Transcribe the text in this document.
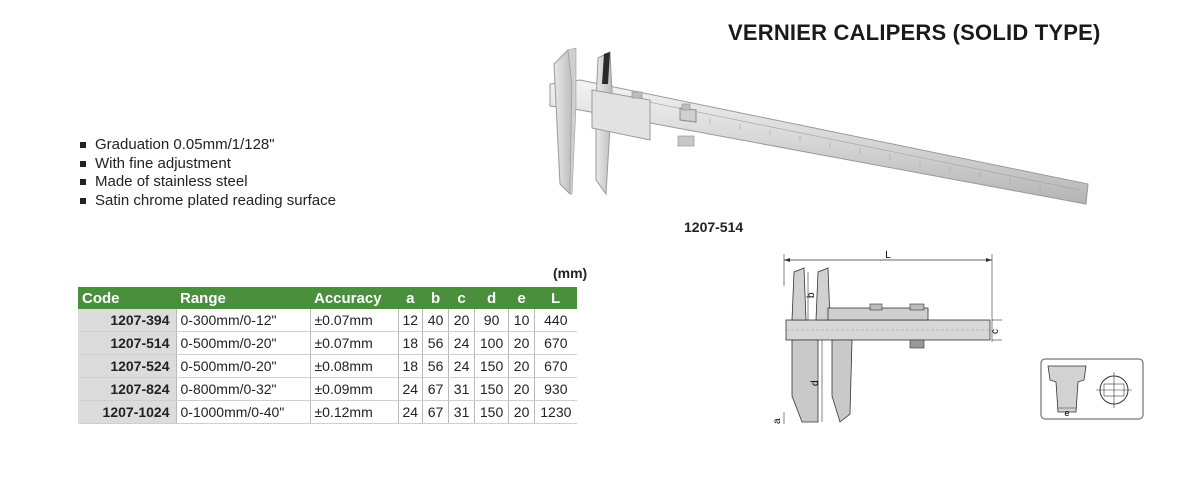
VERNIER CALIPERS (SOLID TYPE)
Graduation 0.05mm/1/128"
With fine adjustment
Made of stainless steel
Satin chrome plated reading surface
1207-514
(mm)
Code	Range	Accuracy	a	b	c	d	e	L
1207-394	0-300mm/0-12"	±0.07mm	12	40	20	90	10	440
1207-514	0-500mm/0-20"	±0.07mm	18	56	24	100	20	670
1207-524	0-500mm/0-20"	±0.08mm	18	56	24	150	20	670
1207-824	0-800mm/0-32"	±0.09mm	24	67	31	150	20	930
1207-1024	0-1000mm/0-40"	±0.12mm	24	67	31	150	20	1230
L
b
d
c
a
e
